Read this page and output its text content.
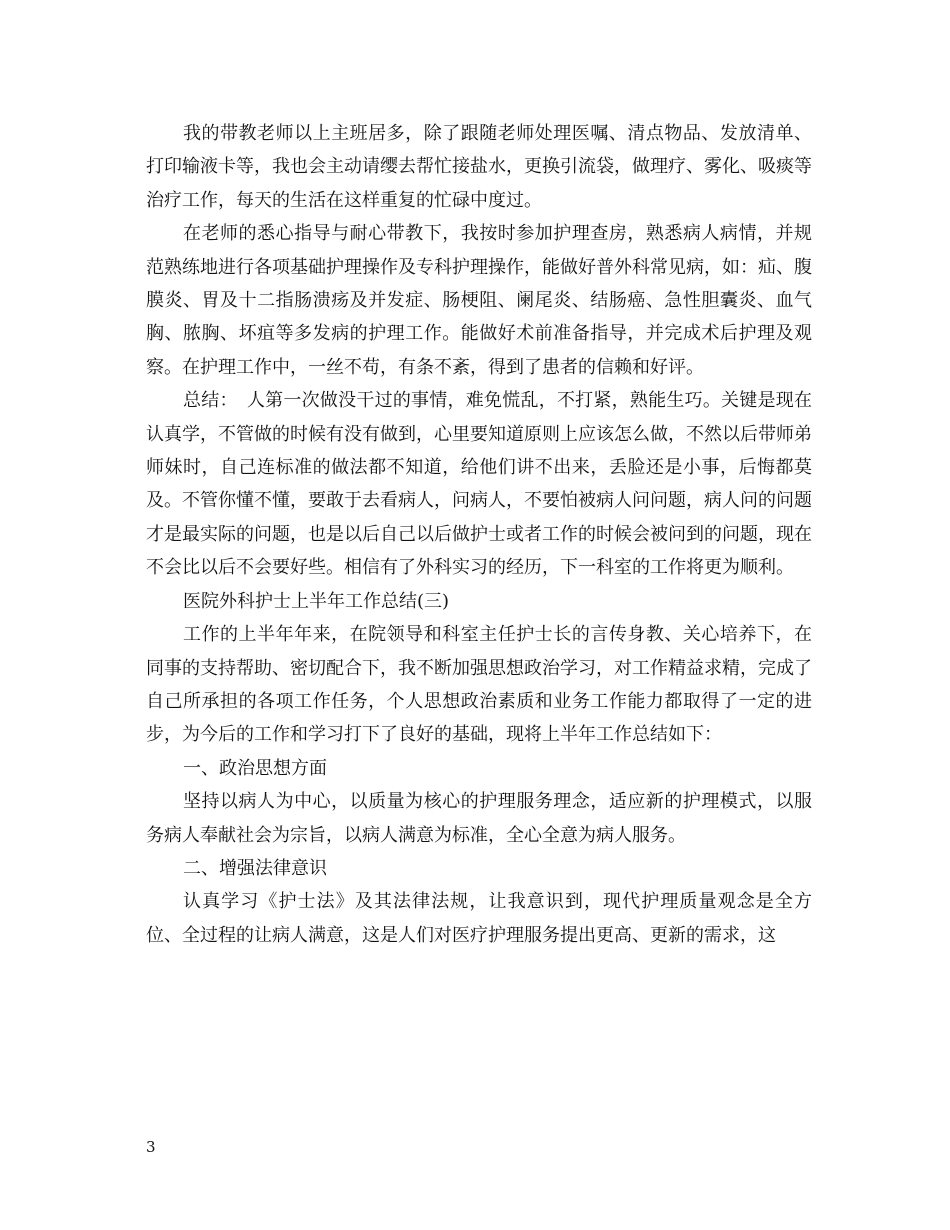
我的带教老师以上主班居多，除了跟随老师处理医嘱、清点物品、发放清单、打印输液卡等，我也会主动请缨去帮忙接盐水，更换引流袋，做理疗、雾化、吸痰等治疗工作，每天的生活在这样重复的忙碌中度过。

在老师的悉心指导与耐心带教下，我按时参加护理查房，熟悉病人病情，并规范熟练地进行各项基础护理操作及专科护理操作，能做好普外科常见病，如：疝、腹膜炎、胃及十二指肠溃疡及并发症、肠梗阻、阑尾炎、结肠癌、急性胆囊炎、血气胸、脓胸、坏疽等多发病的护理工作。能做好术前准备指导，并完成术后护理及观察。在护理工作中，一丝不苟，有条不紊，得到了患者的信赖和好评。

总结：　人第一次做没干过的事情，难免慌乱，不打紧，熟能生巧。关键是现在认真学，不管做的时候有没有做到，心里要知道原则上应该怎么做，不然以后带师弟师妹时，自己连标准的做法都不知道，给他们讲不出来，丢脸还是小事，后悔都莫及。不管你懂不懂，要敢于去看病人，问病人，不要怕被病人问问题，病人问的问题才是最实际的问题，也是以后自己以后做护士或者工作的时候会被问到的问题，现在不会比以后不会要好些。相信有了外科实习的经历，下一科室的工作将更为顺利。

医院外科护士上半年工作总结(三)

工作的上半年年来，在院领导和科室主任护士长的言传身教、关心培养下，在同事的支持帮助、密切配合下，我不断加强思想政治学习，对工作精益求精，完成了自己所承担的各项工作任务，个人思想政治素质和业务工作能力都取得了一定的进步，为今后的工作和学习打下了良好的基础，现将上半年工作总结如下：

一、政治思想方面

坚持以病人为中心，以质量为核心的护理服务理念，适应新的护理模式，以服务病人奉献社会为宗旨，以病人满意为标准，全心全意为病人服务。

二、增强法律意识

认真学习《护士法》及其法律法规，让我意识到，现代护理质量观念是全方位、全过程的让病人满意，这是人们对医疗护理服务提出更高、更新的需求，这

3
